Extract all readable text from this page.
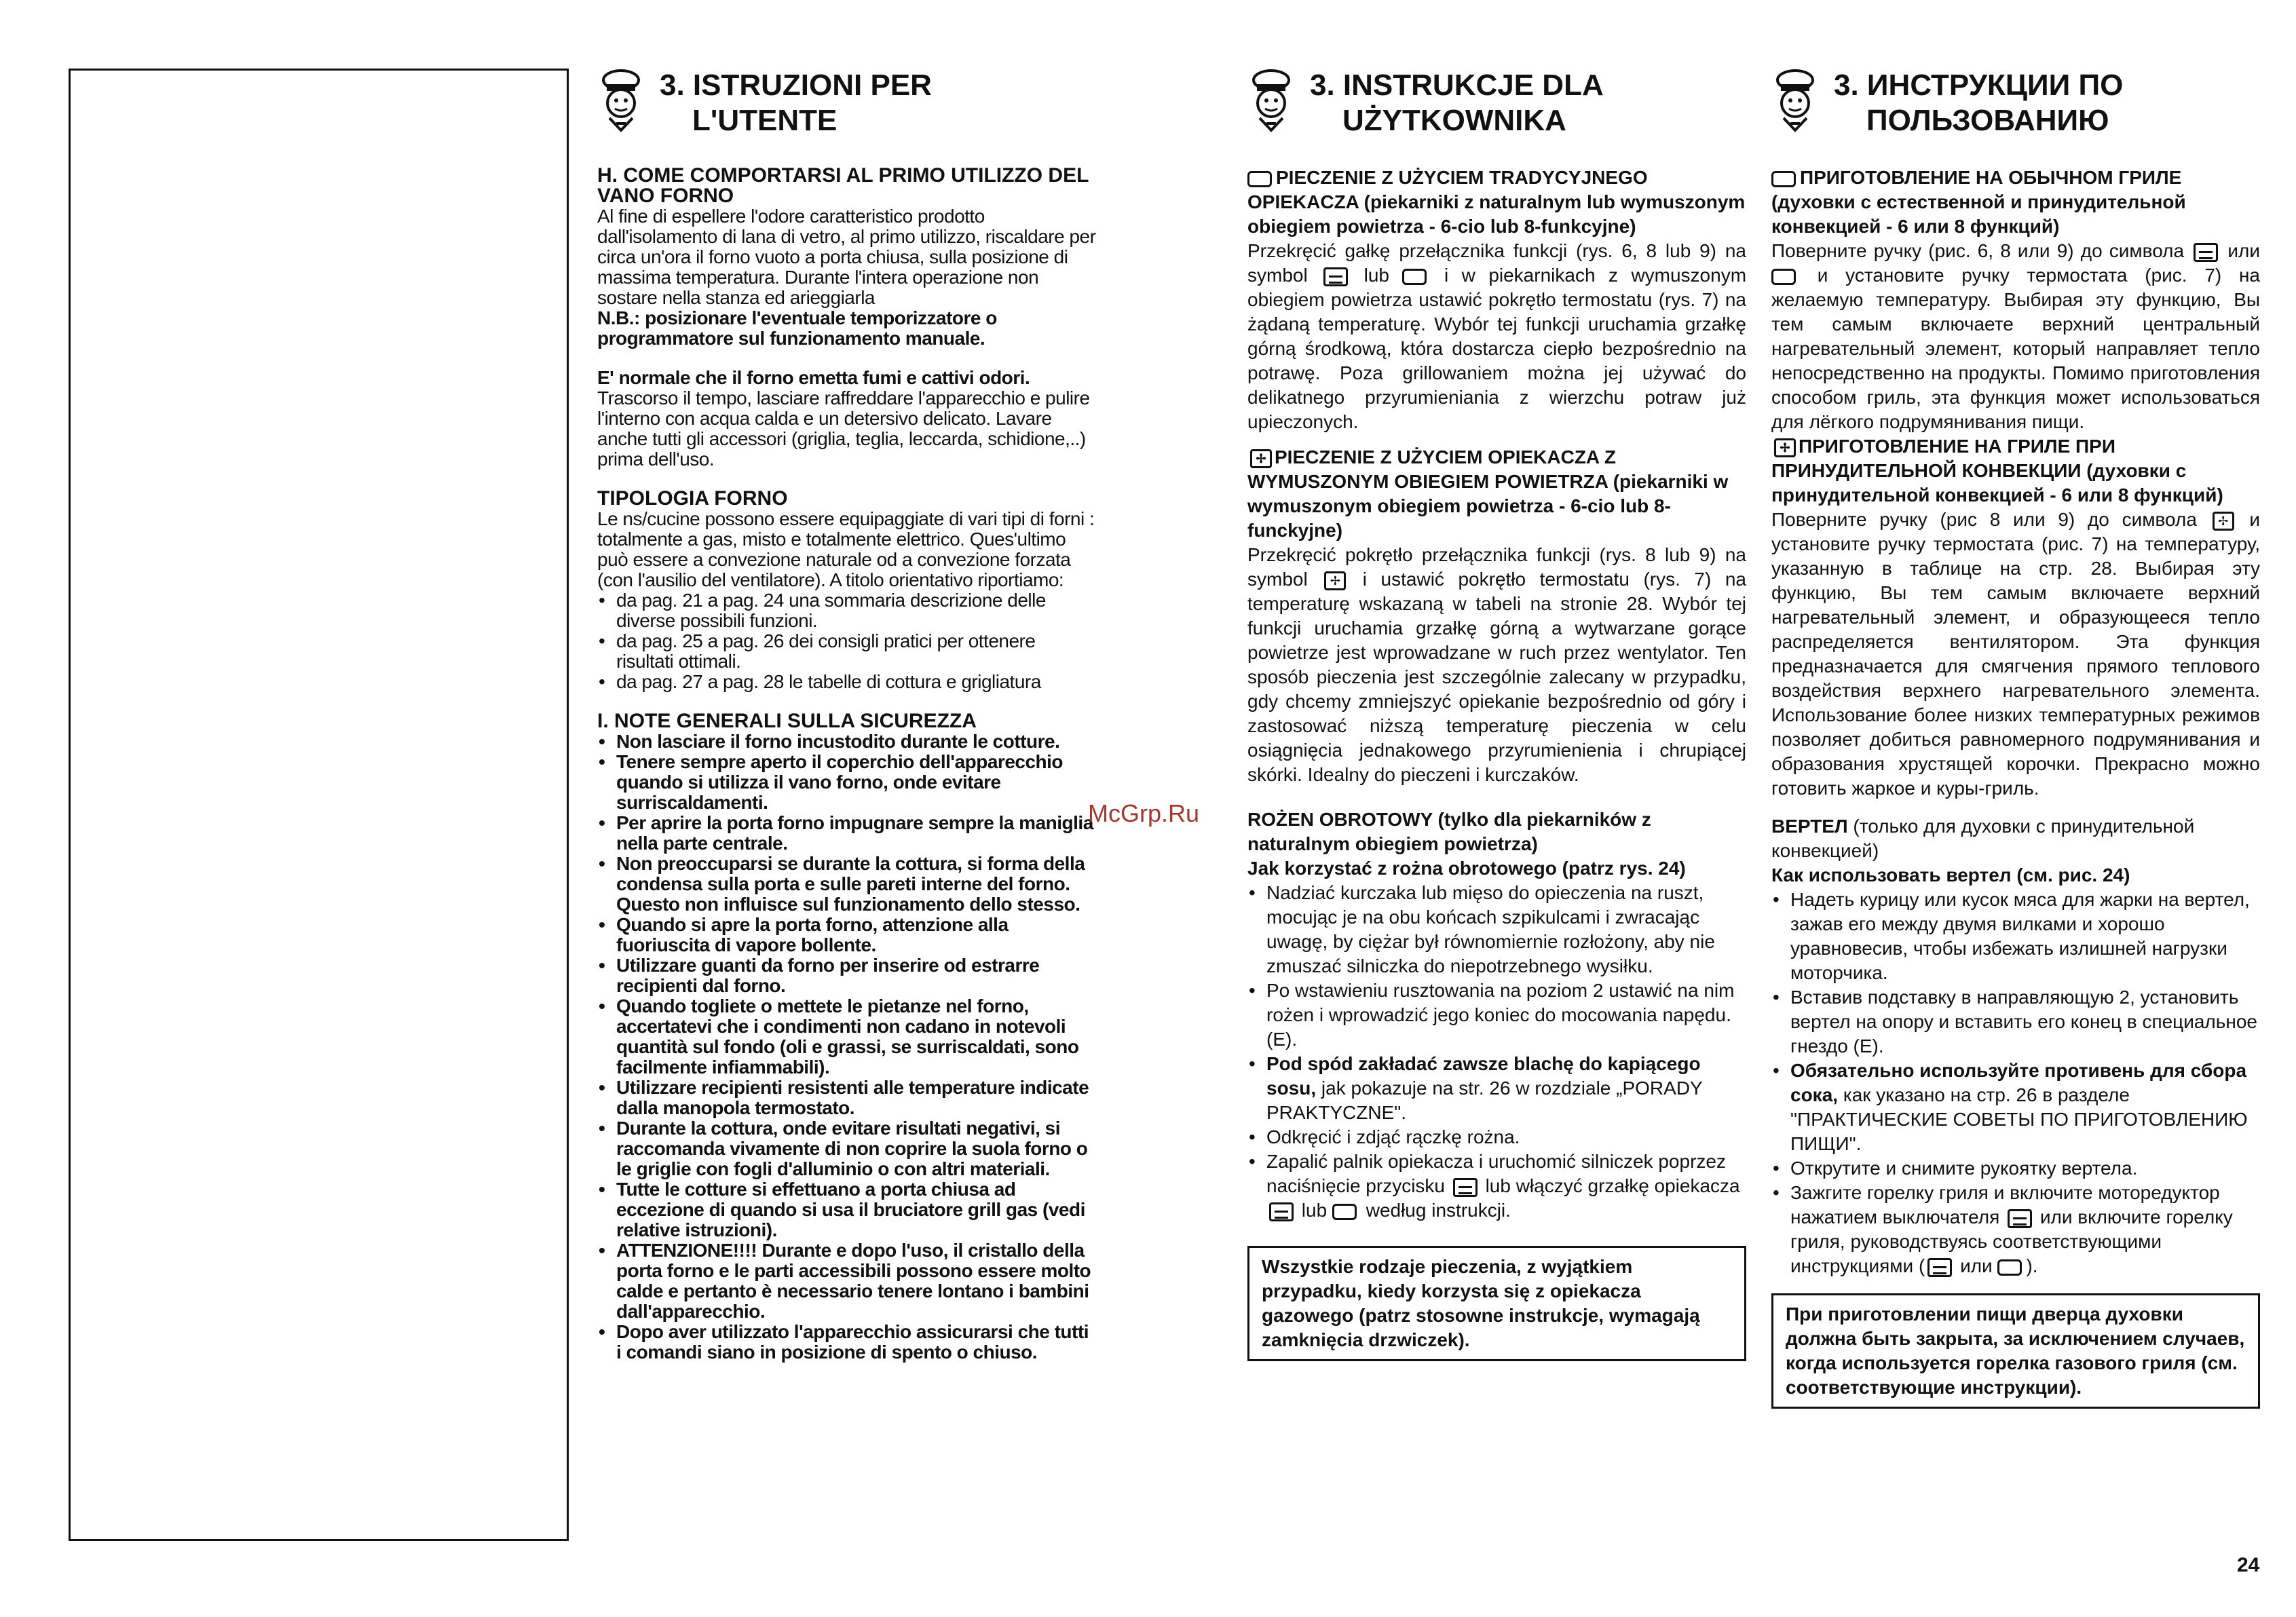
3. ISTRUZIONI PER
L'UTENTE
H. COME COMPORTARSI AL PRIMO UTILIZZO DEL VANO FORNO

Al fine di espellere l'odore caratteristico prodotto dall'isolamento di lana di vetro, al primo utilizzo, riscaldare per circa un'ora il forno vuoto a porta chiusa, sulla posizione di massima temperatura. Durante l'intera operazione non sostare nella stanza ed arieggiarla

N.B.: posizionare l'eventuale temporizzatore o programmatore sul funzionamento manuale.

E' normale che il forno emetta fumi e cattivi odori. Trascorso il tempo, lasciare raffreddare l'apparecchio e pulire l'interno con acqua calda e un detersivo delicato. Lavare anche tutti gli accessori (griglia, teglia, leccarda, schidione,..) prima dell'uso.

TIPOLOGIA FORNO

Le ns/cucine possono essere equipaggiate di vari tipi di forni : totalmente a gas, misto e totalmente elettrico. Ques'ultimo può essere a convezione naturale od a convezione forzata (con l'ausilio del ventilatore). A titolo orientativo riportiamo:

• da pag. 21 a pag. 24 una sommaria descrizione delle diverse possibili funzioni.
• da pag. 25 a pag. 26 dei consigli pratici per ottenere risultati ottimali.
• da pag. 27 a pag. 28 le tabelle di cottura e grigliatura
I. NOTE GENERALI SULLA SICUREZZA
• Non lasciare il forno incustodito durante le cotture.
• Tenere sempre aperto il coperchio dell'apparecchio quando si utilizza il vano forno, onde evitare surriscaldamenti.
• Per aprire la porta forno impugnare sempre la maniglia nella parte centrale.
• Non preoccuparsi se durante la cottura, si forma della condensa sulla porta e sulle pareti interne del forno. Questo non influisce sul funzionamento dello stesso.
• Quando si apre la porta forno, attenzione alla fuoriuscita di vapore bollente.
• Utilizzare guanti da forno per inserire od estrarre recipienti dal forno.
• Quando togliete o mettete le pietanze nel forno, accertatevi che i condimenti non cadano in notevoli quantità sul fondo (oli e grassi, se surriscaldati, sono facilmente infiammabili).
• Utilizzare recipienti resistenti alle temperature indicate dalla manopola termostato.
• Durante la cottura, onde evitare risultati negativi, si raccomanda vivamente di non coprire la suola forno o le griglie con fogli d'alluminio o con altri materiali.
• Tutte le cotture si effettuano a porta chiusa ad eccezione di quando si usa il bruciatore grill gas (vedi relative istruzioni).
• ATTENZIONE!!!! Durante e dopo l'uso, il cristallo della porta forno e le parti accessibili possono essere molto calde e pertanto è necessario tenere lontano i bambini dall'apparecchio.
• Dopo aver utilizzato l'apparecchio assicurarsi che tutti i comandi siano in posizione di spento o chiuso.
3. INSTRUKCJE DLA
UŻYTKOWNIKA
PIECZENIE Z UŻYCIEM TRADYCYJNEGO OPIEKACZA (piekarniki z naturalnym lub wymuszonym obiegiem powietrza - 6-cio lub 8-funkcyjne)

Przekręcić gałkę przełącznika funkcji (rys. 6, 8 lub 9) na symbol	lub	i w piekarnikach z wymuszonym obiegiem powietrza ustawić pokrętło termostatu (rys. 7) na żądaną temperaturę. Wybór tej funkcji uruchamia grzałkę górną środkową, która dostarcza ciepło bezpośrednio na potrawę. Poza grillowaniem można jej używać do delikatnego przyrumieniania z wierzchu potraw już upieczonych.

✢ PIECZENIE Z UŻYCIEM OPIEKACZA Z WYMUSZONYM OBIEGIEM POWIETRZA (piekarniki w wymuszonym obiegiem powietrza - 6-cio lub 8-funckyjne)

Przekręcić pokrętło przełącznika funkcji (rys. 8 lub 9) na symbol ✢ i ustawić pokrętło termostatu (rys. 7) na temperaturę wskazaną w tabeli na stronie 28. Wybór tej funkcji uruchamia grzałkę górną a wytwarzane gorące powietrze jest wprowadzane w ruch przez wentylator. Ten sposób pieczenia jest szczególnie zalecany w przypadku, gdy chcemy zmniejszyć opiekanie bezpośrednio od góry i zastosować niższą temperaturę pieczenia w celu osiągnięcia jednakowego przyrumienienia i chrupiącej skórki. Idealny do pieczeni i kurczaków.

ROŻEN OBROTOWY (tylko dla piekarników z naturalnym obiegiem powietrza)
Jak korzystać z rożna obrotowego (patrz rys. 24)
• Nadziać kurczaka lub mięso do opieczenia na ruszt, mocując je na obu końcach szpikulcami i zwracając uwagę, by ciężar był równomiernie rozłożony, aby nie zmuszać silniczka do niepotrzebnego wysiłku.
• Po wstawieniu rusztowania na poziom 2 ustawić na nim rożen i wprowadzić jego koniec do mocowania napędu. (E).
• Pod spód zakładać zawsze blachę do kapiącego sosu, jak pokazuje na str. 26 w rozdziale „PORADY PRAKTYCZNE".
• Odkręcić i zdjąć rączkę rożna.
• Zapalić palnik opiekacza i uruchomić silniczek poprzez naciśnięcie przycisku lub włączyć grzałkę opiekacza  lub według instrukcji.
Wszystkie rodzaje pieczenia, z wyjątkiem przypadku, kiedy korzysta się z opiekacza gazowego (patrz stosowne instrukcje, wymagają zamknięcia drzwiczek).
3. ИНСТРУКЦИИ ПО
ПОЛЬЗОВАНИЮ
ПРИГОТОВЛЕНИЕ НА ОБЫЧНОМ ГРИЛЕ (духовки с естественной и принудительной конвекцией - 6 или 8 функций)

Поверните ручку (рис. 6, 8 или 9) до символа или  и установите ручку термостата (рис. 7) на желаемую температуру. Выбирая эту функцию, Вы тем самым включаете верхний центральный нагревательный элемент, который направляет тепло непосредственно на продукты. Помимо приготовления способом гриль, эта функция может использоваться для лёгкого подрумянивания пищи.

✢ ПРИГОТОВЛЕНИЕ НА ГРИЛЕ ПРИ ПРИНУДИТЕЛЬНОЙ КОНВЕКЦИИ (духовки с принудительной конвекцией - 6 или 8 функций)

Поверните ручку (рис 8 или 9) до символа ✢ и установите ручку термостата (рис. 7) на температуру, указанную в таблице на стр. 28. Выбирая эту функцию, Вы тем самым включаете верхний нагревательный элемент, и образующееся тепло распределяется вентилятором. Эта функция предназначается для смягчения прямого теплового воздействия верхнего нагревательного элемента. Использование более низких температурных режимов позволяет добиться равномерного подрумянивания и образования хрустящей корочки. Прекрасно можно готовить жаркое и куры-гриль.

ВЕРТЕЛ (только для духовки с принудительной конвекцией)
Как использовать вертел (см. рис. 24)
• Надеть курицу или кусок мяса для жарки на вертел, зажав его между двумя вилками и хорошо уравновесив, чтобы избежать излишней нагрузки моторчика.
• Вставив подставку в направляющую 2, установить вертел на опору и вставить его конец в специальное гнездо (E).
• Обязательно используйте противень для сбора сока, как указано на стр. 26 в разделе "ПРАКТИЧЕСКИЕ СОВЕТЫ ПО ПРИГОТОВЛЕНИЮ ПИЩИ".
• Открутите и снимите рукоятку вертела.
• Зажгите горелку гриля и включите моторедуктор нажатием выключателя или включите горелку гриля, руководствуясь соответствующими инструкциями ( или ).
При приготовлении пищи дверца духовки должна быть закрыта, за исключением случаев, когда используется горелка газового гриля (см. соответствующие инструкции).
McGrp.Ru
24
